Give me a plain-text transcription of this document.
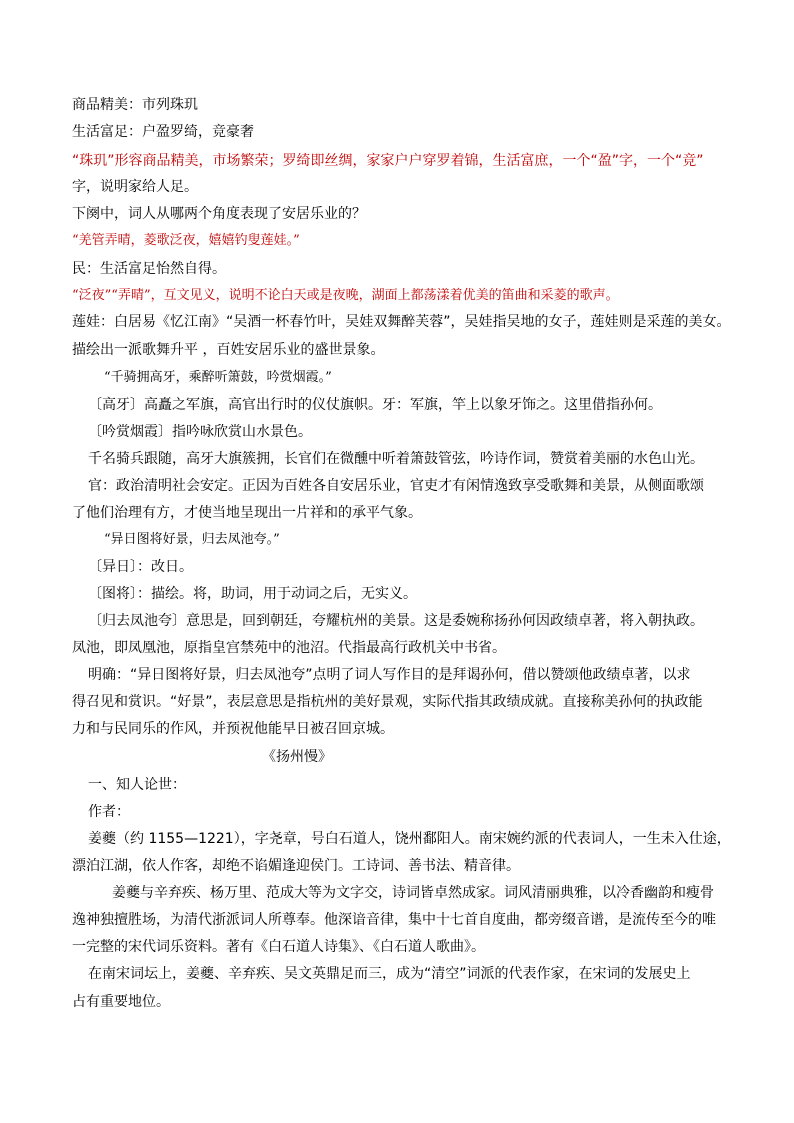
商品精美：市列珠玑
生活富足：户盈罗绮，竞豪奢
“珠玑”形容商品精美，市场繁荣；罗绮即丝绸，家家户户穿罗着锦，生活富庶，一个“盈”字，一个“竞”
字，说明家给人足。
下阕中，词人从哪两个角度表现了安居乐业的？
“羌管弄晴，菱歌泛夜，嬉嬉钓叟莲娃。”
民：生活富足怡然自得。
“泛夜”“弄晴”，互文见义，说明不论白天或是夜晚，湖面上都荡漾着优美的笛曲和采菱的歌声。
莲娃：白居易《忆江南》“吴酒一杯春竹叶，吴娃双舞醉芙蓉”，吴娃指吴地的女子，莲娃则是采莲的美女。
描绘出一派歌舞升平 ，百姓安居乐业的盛世景象。
“千骑拥高牙，乘醉听箫鼓，吟赏烟霞。”
〔高牙〕高矗之军旗，高官出行时的仪仗旗帜。牙：军旗，竿上以象牙饰之。这里借指孙何。
〔吟赏烟霞〕指吟咏欣赏山水景色。
千名骑兵跟随，高牙大旗簇拥，长官们在微醺中听着箫鼓管弦，吟诗作词，赞赏着美丽的水色山光。
官：政治清明社会安定。正因为百姓各自安居乐业，官吏才有闲情逸致享受歌舞和美景，从侧面歌颂
了他们治理有方，才使当地呈现出一片祥和的承平气象。
“异日图将好景，归去凤池夸。”
〔异日〕：改日。
〔图将〕：描绘。将，助词，用于动词之后，无实义。
〔归去凤池夸〕意思是，回到朝廷，夸耀杭州的美景。这是委婉称扬孙何因政绩卓著，将入朝执政。
凤池，即凤凰池，原指皇宫禁苑中的池沼。代指最高行政机关中书省。
明确：“异日图将好景，归去凤池夸”点明了词人写作目的是拜谒孙何，借以赞颂他政绩卓著，以求
得召见和赏识。“好景”，表层意思是指杭州的美好景观，实际代指其政绩成就。直接称美孙何的执政能
力和与民同乐的作风，并预祝他能早日被召回京城。
《扬州慢》
一、知人论世：
作者：
姜夔（约 1155—1221），字尧章，号白石道人，饶州鄱阳人。南宋婉约派的代表词人，一生未入仕途，
漂泊江湖，依人作客，却绝不谄媚逢迎侯门。工诗词、善书法、精音律。
姜夔与辛弃疾、杨万里、范成大等为文字交，诗词皆卓然成家。词风清丽典雅，以冷香幽韵和瘦骨
逸神独擅胜场，为清代浙派词人所尊奉。他深谙音律，集中十七首自度曲，都旁缀音谱，是流传至今的唯
一完整的宋代词乐资料。著有《白石道人诗集》、《白石道人歌曲》。
在南宋词坛上，姜夔、辛弃疾、吴文英鼎足而三，成为“清空”词派的代表作家，在宋词的发展史上
占有重要地位。
